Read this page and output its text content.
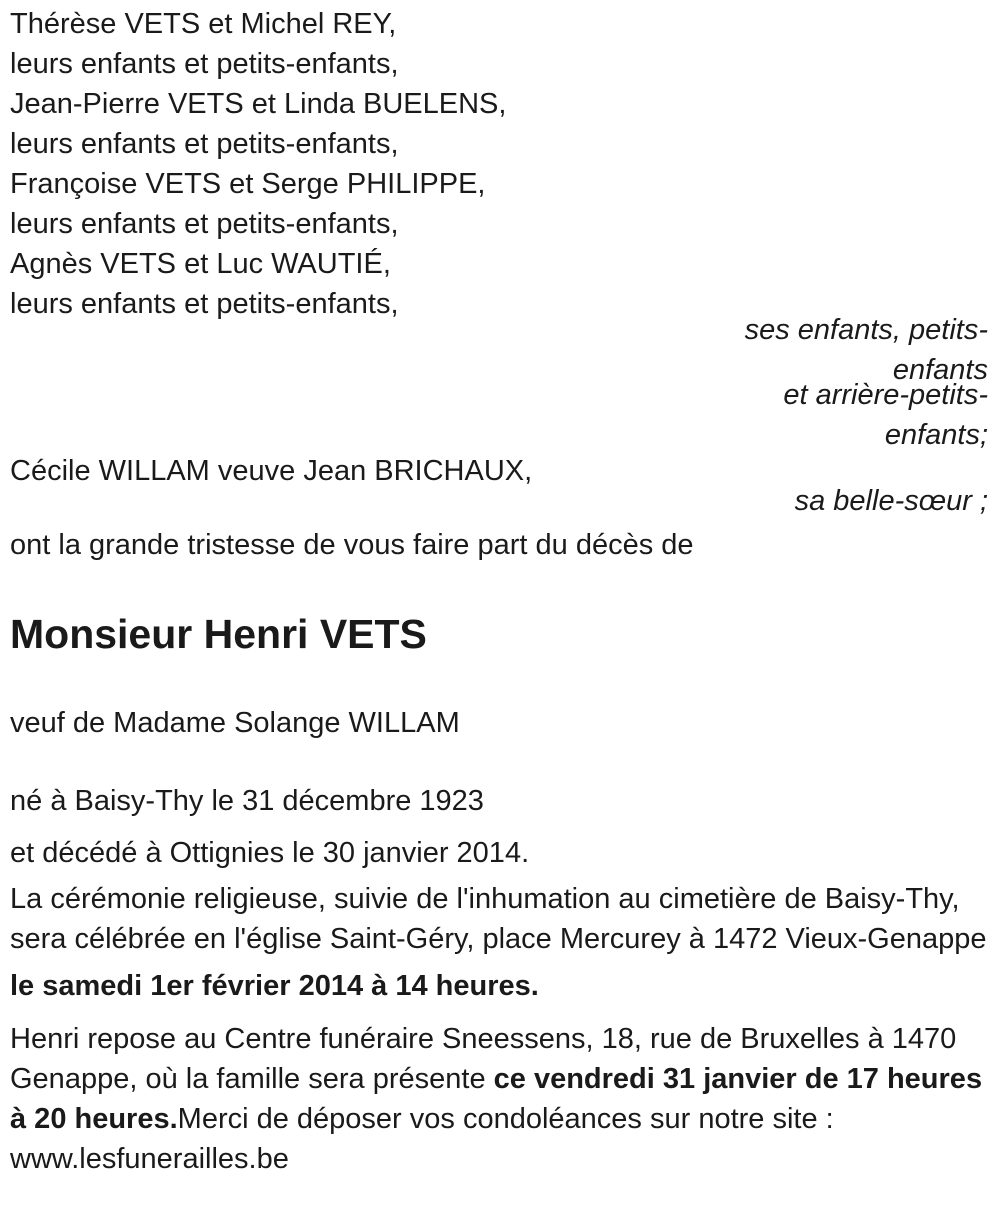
Thérèse VETS et Michel REY,
leurs enfants et petits-enfants,
Jean-Pierre VETS et Linda BUELENS,
leurs enfants et petits-enfants,
Françoise VETS et Serge PHILIPPE,
leurs enfants et petits-enfants,
Agnès VETS et Luc WAUTIÉ,
leurs enfants et petits-enfants,
ses enfants, petits-enfants
et arrière-petits-enfants;
Cécile WILLAM veuve Jean BRICHAUX,
sa belle-sœur ;

ont la grande tristesse de vous faire part du décès de

Monsieur Henri VETS

veuf de Madame Solange WILLAM

né à Baisy-Thy le 31 décembre 1923

et décédé à Ottignies le 30 janvier 2014.

La cérémonie religieuse, suivie de l'inhumation au cimetière de Baisy-Thy, sera célébrée en l'église Saint-Géry, place Mercurey à 1472 Vieux-Genappe

le samedi 1er février 2014 à 14 heures.

Henri repose au Centre funéraire Sneessens, 18, rue de Bruxelles à 1470 Genappe, où la famille sera présente ce vendredi 31 janvier de 17 heures à 20 heures.Merci de déposer vos condoléances sur notre site : www.lesfunerailles.be
